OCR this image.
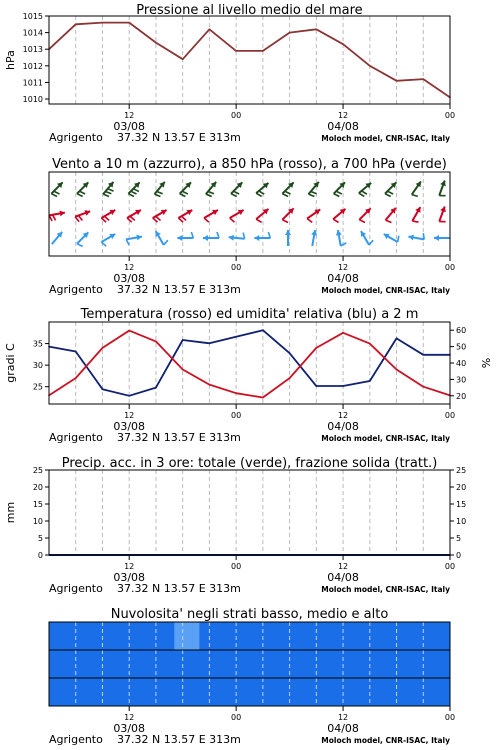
Pressione al livello medio del mare
1010
1011
1012
1013
1014
1015
hPa
12
03/08
00	12
04/08
00
Agrigento 37.32 N 13.57 E 313m	Moloch model, CNR-ISAC, Italy
Vento a 10 m (azzurro), a 850 hPa (rosso), a 700 hPa (verde)
12
03/08
00	12
04/08
00
Agrigento 37.32 N 13.57 E 313m	Moloch model, CNR-ISAC, Italy
Temperatura (rosso) ed umidita' relativa (blu) a 2 m
25
30
35
20
30
40
50
60
gradi C	%
12
03/08
00	12
04/08
00
Agrigento 37.32 N 13.57 E 313m	Moloch model, CNR-ISAC, Italy
Precip. acc. in 3 ore: totale (verde), frazione solida (tratt.)
0
5
10
15
20
25
0
5
10
15
20
25
mm
12
03/08
00	12
04/08
00
Agrigento 37.32 N 13.57 E 313m	Moloch model, CNR-ISAC, Italy
Nuvolosita' negli strati basso, medio e alto
12
03/08
00	12
04/08
00
Agrigento 37.32 N 13.57 E 313m	Moloch model, CNR-ISAC, Italy
